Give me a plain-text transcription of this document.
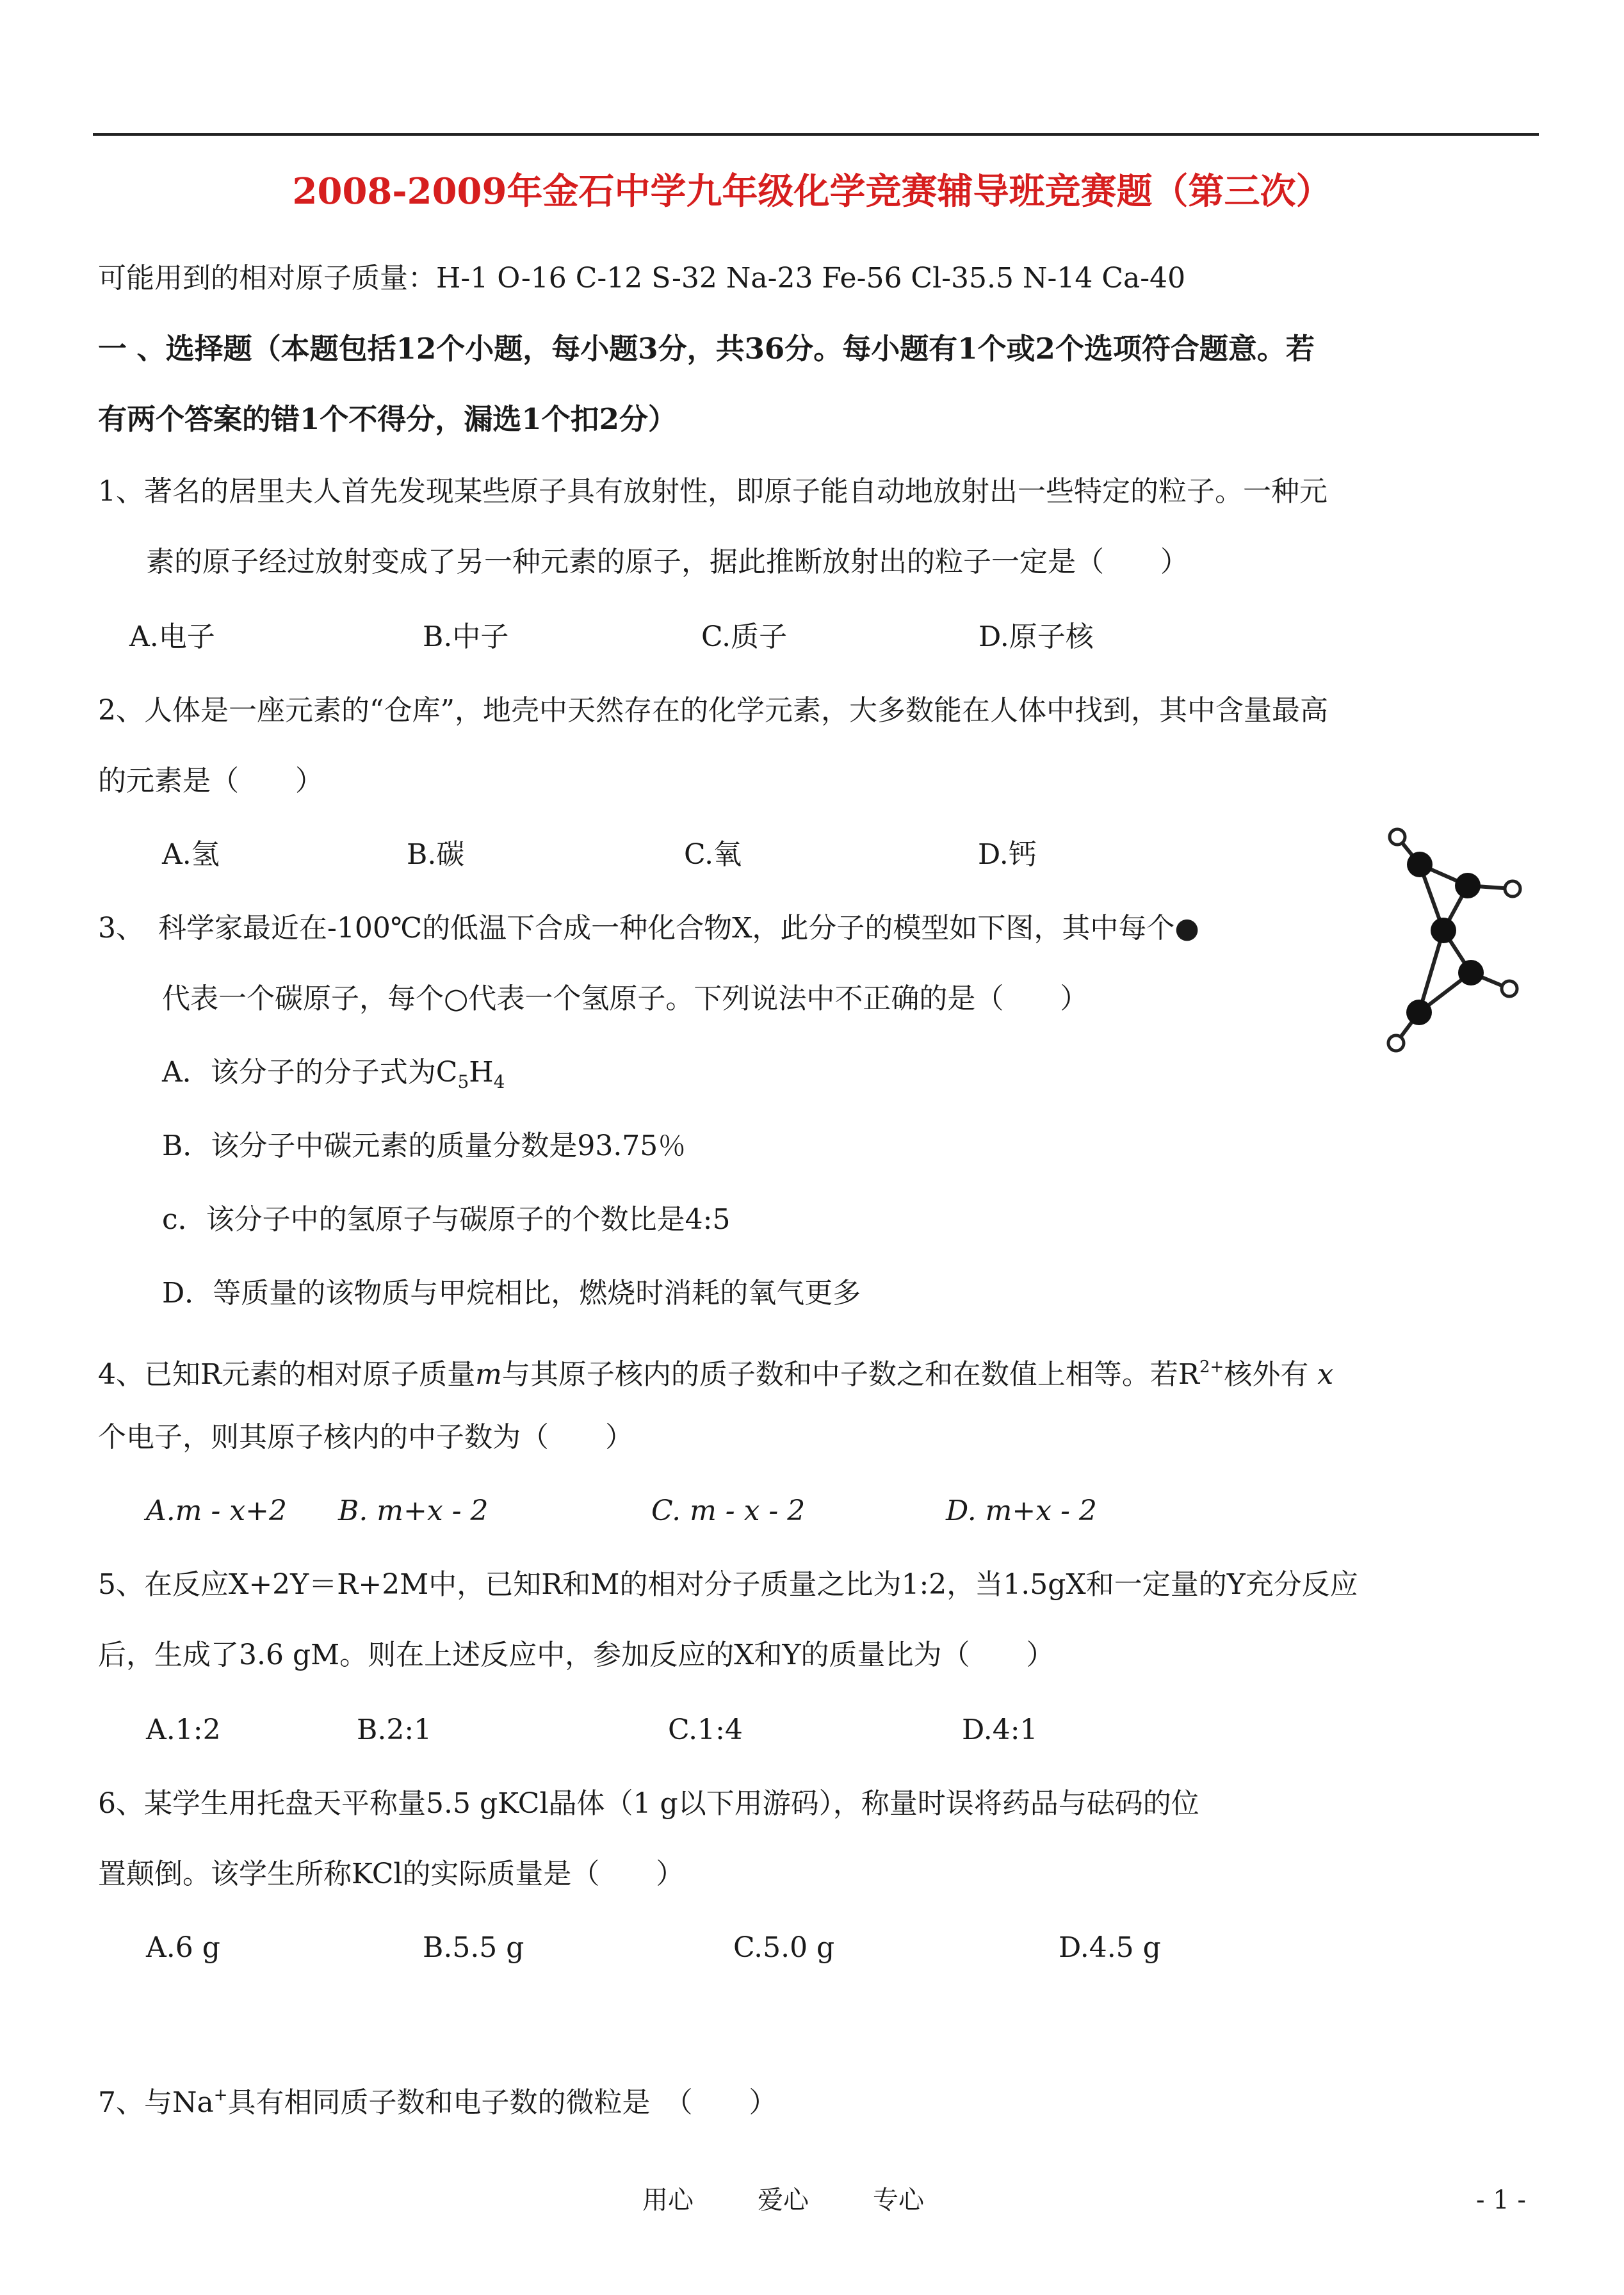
2008-2009年金石中学九年级化学竞赛辅导班竞赛题（第三次）
可能用到的相对原子质量：H-1 O-16 C-12 S-32 Na-23 Fe-56 Cl-35.5 N-14 Ca-40
一 、选择题（本题包括12个小题，每小题3分，共36分。每小题有1个或2个选项符合题意。若
有两个答案的错1个不得分，漏选1个扣2分）
1、著名的居里夫人首先发现某些原子具有放射性，即原子能自动地放射出一些特定的粒子。一种元
素的原子经过放射变成了另一种元素的原子，据此推断放射出的粒子一定是（　　）
A.电子	B.中子	C.质子	D.原子核
2、人体是一座元素的“仓库”，地壳中天然存在的化学元素，大多数能在人体中找到，其中含量最高
的元素是（　　）
A.氢	B.碳	C.氧	D.钙
3、　科学家最近在-100℃的低温下合成一种化合物X，此分子的模型如下图，其中每个●
代表一个碳原子，每个○代表一个氢原子。下列说法中不正确的是（　　）
A．该分子的分子式为$C_5H_4$
B．该分子中碳元素的质量分数是93.75％
c．该分子中的氢原子与碳原子的个数比是4:5
D．等质量的该物质与甲烷相比，燃烧时消耗的氧气更多
4、已知R元素的相对原子质量m与其原子核内的质子数和中子数之和在数值上相等。若$R^{2+}$核外有 x
个电子，则其原子核内的中子数为（　　）
A.m - x+2 B. m+x - 2	C. m - x - 2	D. m+x - 2
5、在反应X+2Y＝R+2M中，已知R和M的相对分子质量之比为1:2，当1.5gX和一定量的Y充分反应
后，生成了3.6 gM。则在上述反应中，参加反应的X和Y的质量比为（　　）
A.1:2	B.2:1	C.1:4	D.4:1
6、某学生用托盘天平称量5.5 gKCl晶体（1 g以下用游码），称量时误将药品与砝码的位
置颠倒。该学生所称KCl的实际质量是（　　）
A.6 g	B.5.5 g	C.5.0 g	D.4.5 g
7、与Na+具有相同质子数和电子数的微粒是　（　　）
用心	爱心	专心	- 1 -
